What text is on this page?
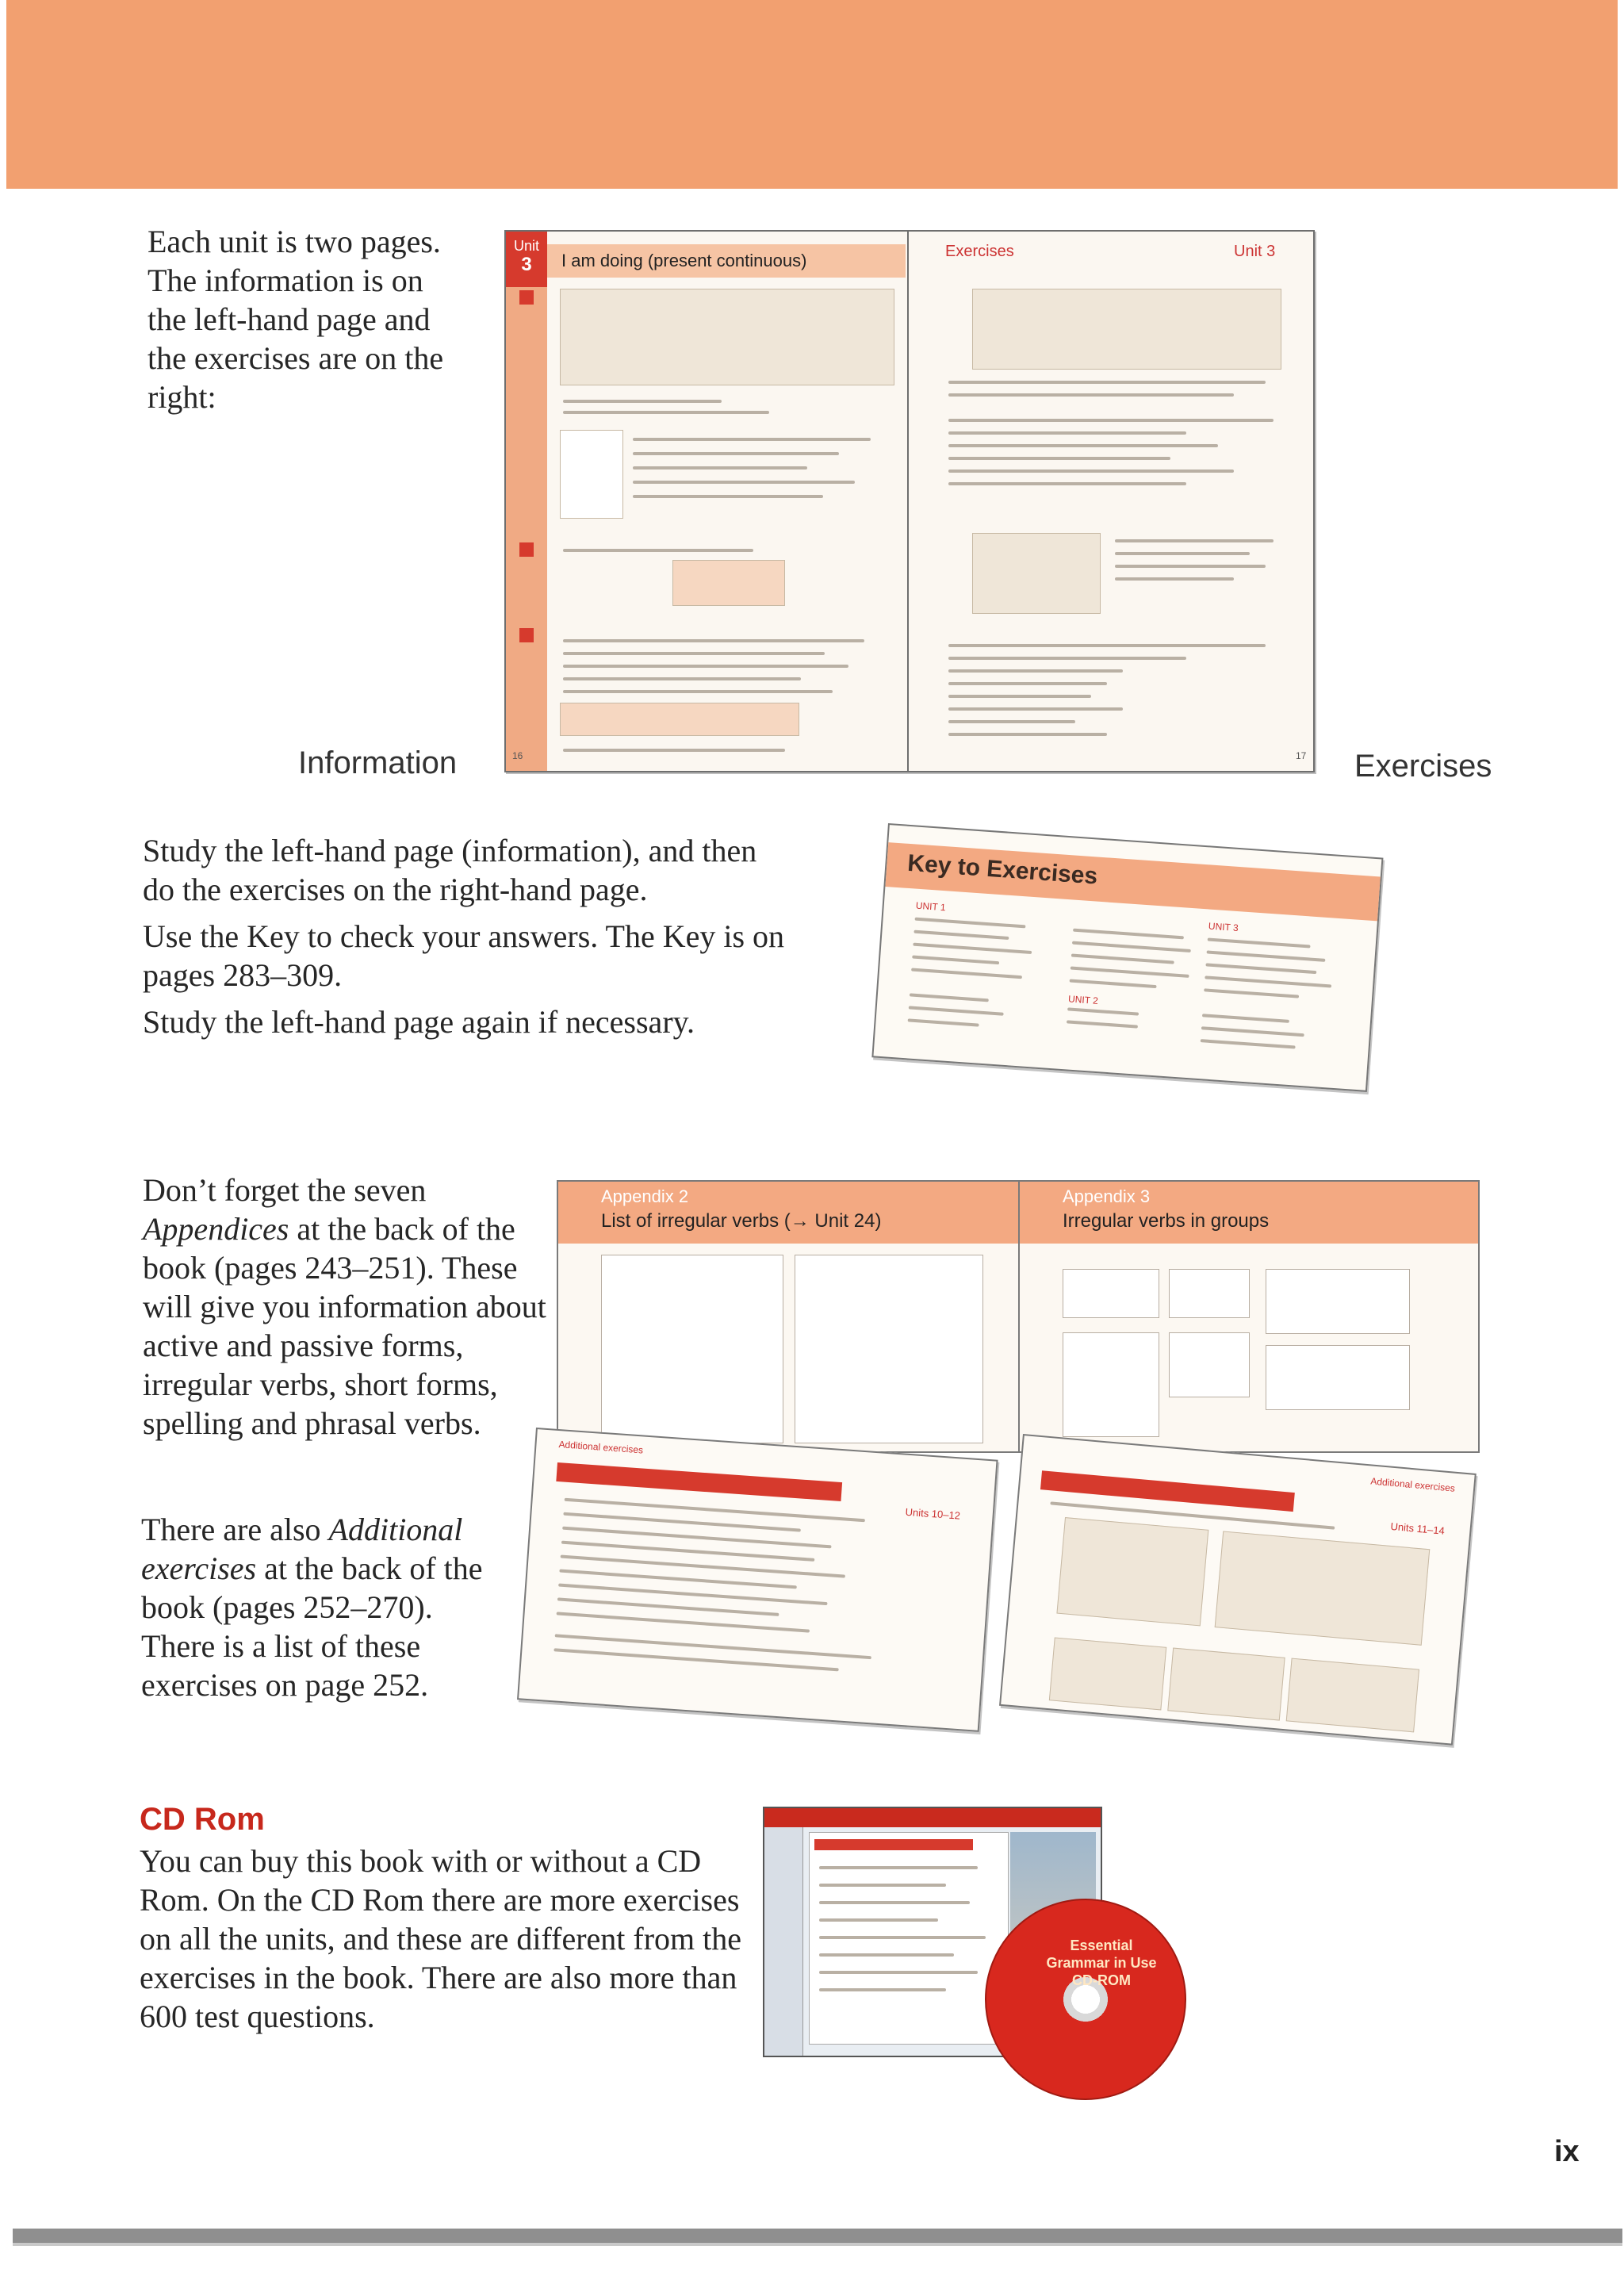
Each unit is two pages. The information is on the left-hand page and the exercises are on the right:
Unit
3	I am doing (present continuous)
16
Exercises	Unit 3
17
Information	Exercises

Study the left-hand page (information), and then do the exercises on the right-hand page.

Use the Key to check your answers. The Key is on pages 283–309.

Study the left-hand page again if necessary.

Key to Exercises
UNIT 1
UNIT 2
UNIT 3
Don’t forget the seven Appendices at the back of the book (pages 243–251). These will give you information about active and passive forms, irregular verbs, short forms, spelling and phrasal verbs.
Appendix 2
List of irregular verbs (→ Unit 24)
Appendix 3
Irregular verbs in groups
Additional exercises
Units 10–12
Additional exercises
Units 11–14
There are also Additional exercises at the back of the book (pages 252–270). There is a list of these exercises on page 252.
CD Rom
You can buy this book with or without a CD Rom. On the CD Rom there are more exercises on all the units, and these are different from the exercises in the book. There are also more than 600 test questions.
Essential Grammar in Use CD-ROM
ix
